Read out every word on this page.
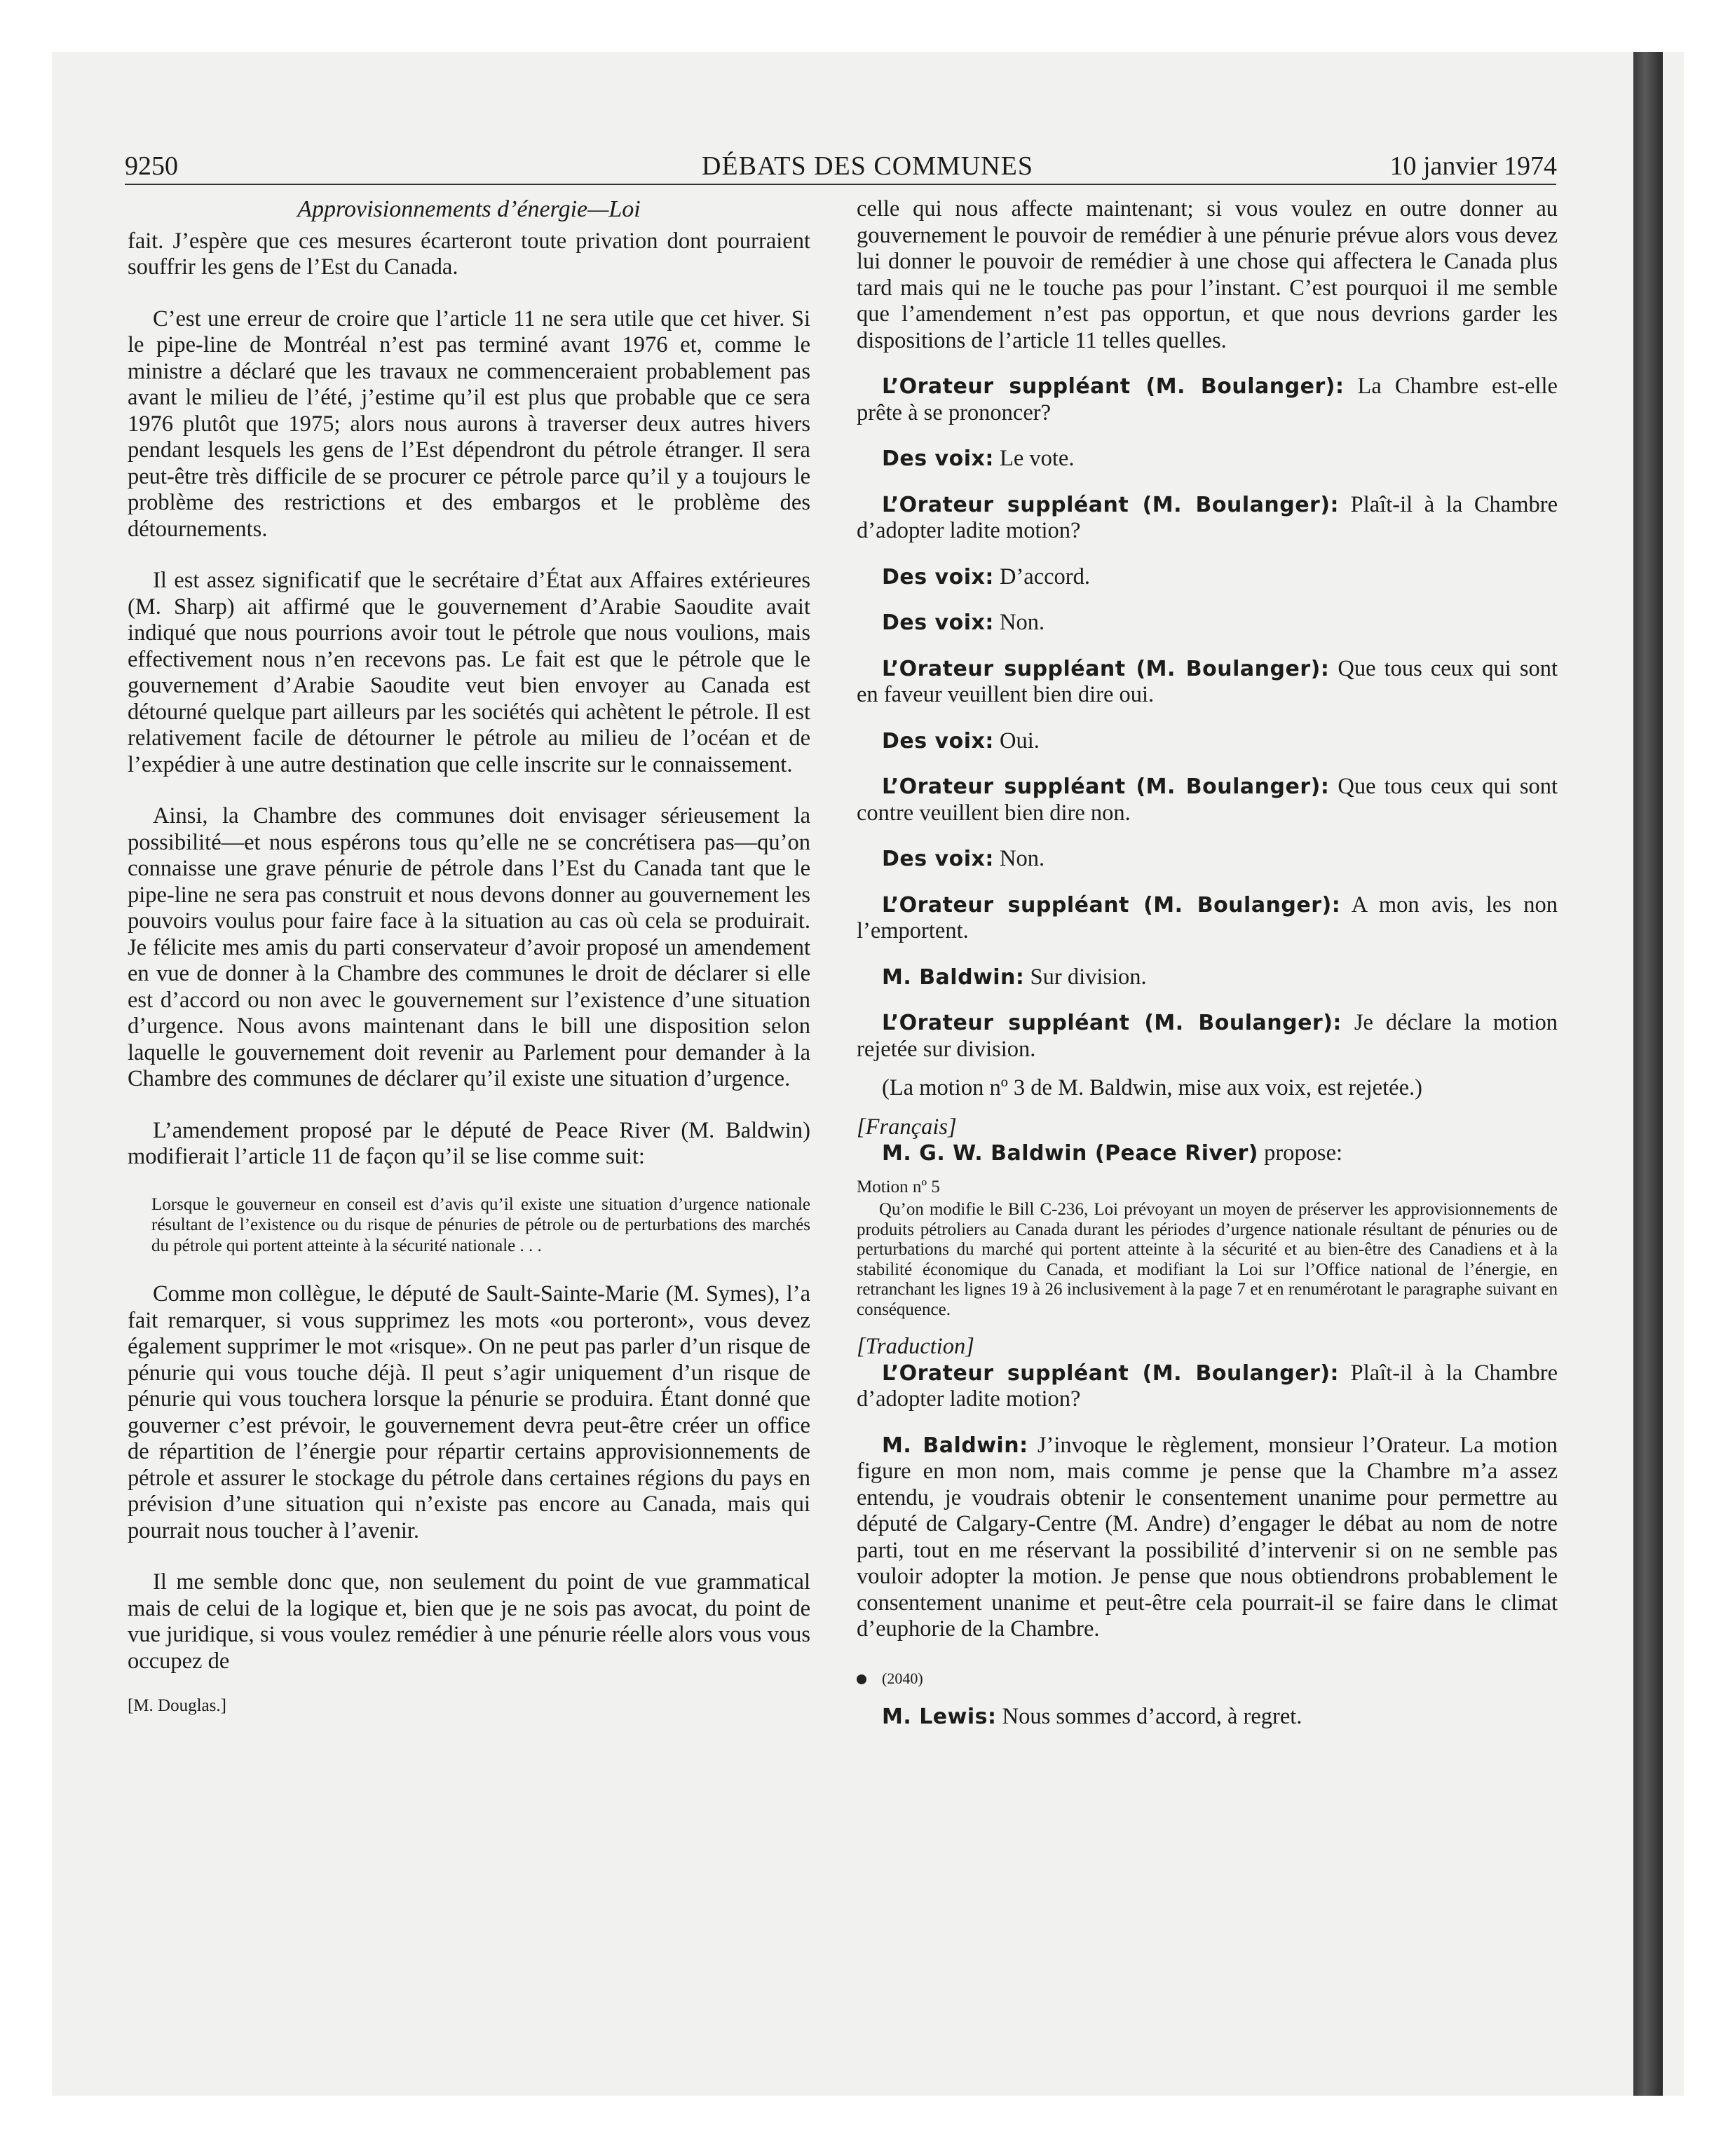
9250	DÉBATS DES COMMUNES	10 janvier 1974

Approvisionnements d’énergie—Loi

fait. J’espère que ces mesures écarteront toute privation dont pourraient souffrir les gens de l’Est du Canada.

C’est une erreur de croire que l’article 11 ne sera utile que cet hiver. Si le pipe-line de Montréal n’est pas terminé avant 1976 et, comme le ministre a déclaré que les travaux ne commenceraient probablement pas avant le milieu de l’été, j’estime qu’il est plus que probable que ce sera 1976 plutôt que 1975; alors nous aurons à traverser deux autres hivers pendant lesquels les gens de l’Est dépendront du pétrole étranger. Il sera peut-être très difficile de se procurer ce pétrole parce qu’il y a toujours le problème des restrictions et des embargos et le problème des détournements.

Il est assez significatif que le secrétaire d’État aux Affaires extérieures (M. Sharp) ait affirmé que le gouvernement d’Arabie Saoudite avait indiqué que nous pourrions avoir tout le pétrole que nous voulions, mais effectivement nous n’en recevons pas. Le fait est que le pétrole que le gouvernement d’Arabie Saoudite veut bien envoyer au Canada est détourné quelque part ailleurs par les sociétés qui achètent le pétrole. Il est relativement facile de détourner le pétrole au milieu de l’océan et de l’expédier à une autre destination que celle inscrite sur le connaissement.

Ainsi, la Chambre des communes doit envisager sérieusement la possibilité—et nous espérons tous qu’elle ne se concrétisera pas—qu’on connaisse une grave pénurie de pétrole dans l’Est du Canada tant que le pipe-line ne sera pas construit et nous devons donner au gouvernement les pouvoirs voulus pour faire face à la situation au cas où cela se produirait. Je félicite mes amis du parti conservateur d’avoir proposé un amendement en vue de donner à la Chambre des communes le droit de déclarer si elle est d’accord ou non avec le gouvernement sur l’existence d’une situation d’urgence. Nous avons maintenant dans le bill une disposition selon laquelle le gouvernement doit revenir au Parlement pour demander à la Chambre des communes de déclarer qu’il existe une situation d’urgence.

L’amendement proposé par le député de Peace River (M. Baldwin) modifierait l’article 11 de façon qu’il se lise comme suit:

Lorsque le gouverneur en conseil est d’avis qu’il existe une situation d’urgence nationale résultant de l’existence ou du risque de pénuries de pétrole ou de perturbations des marchés du pétrole qui portent atteinte à la sécurité nationale . . .

Comme mon collègue, le député de Sault-Sainte-Marie (M. Symes), l’a fait remarquer, si vous supprimez les mots «ou porteront», vous devez également supprimer le mot «risque». On ne peut pas parler d’un risque de pénurie qui vous touche déjà. Il peut s’agir uniquement d’un risque de pénurie qui vous touchera lorsque la pénurie se produira. Étant donné que gouverner c’est prévoir, le gouvernement devra peut-être créer un office de répartition de l’énergie pour répartir certains approvisionnements de pétrole et assurer le stockage du pétrole dans certaines régions du pays en prévision d’une situation qui n’existe pas encore au Canada, mais qui pourrait nous toucher à l’avenir.

Il me semble donc que, non seulement du point de vue grammatical mais de celui de la logique et, bien que je ne sois pas avocat, du point de vue juridique, si vous voulez remédier à une pénurie réelle alors vous vous occupez de

[M. Douglas.]

celle qui nous affecte maintenant; si vous voulez en outre donner au gouvernement le pouvoir de remédier à une pénurie prévue alors vous devez lui donner le pouvoir de remédier à une chose qui affectera le Canada plus tard mais qui ne le touche pas pour l’instant. C’est pourquoi il me semble que l’amendement n’est pas opportun, et que nous devrions garder les dispositions de l’article 11 telles quelles.

L’Orateur suppléant (M. Boulanger): La Chambre est-elle prête à se prononcer?

Des voix: Le vote.

L’Orateur suppléant (M. Boulanger): Plaît-il à la Chambre d’adopter ladite motion?

Des voix: D’accord.

Des voix: Non.

L’Orateur suppléant (M. Boulanger): Que tous ceux qui sont en faveur veuillent bien dire oui.

Des voix: Oui.

L’Orateur suppléant (M. Boulanger): Que tous ceux qui sont contre veuillent bien dire non.

Des voix: Non.

L’Orateur suppléant (M. Boulanger): A mon avis, les non l’emportent.

M. Baldwin: Sur division.

L’Orateur suppléant (M. Boulanger): Je déclare la motion rejetée sur division.

(La motion nº 3 de M. Baldwin, mise aux voix, est rejetée.)

[Français]

M. G. W. Baldwin (Peace River) propose:

Motion nº 5

Qu’on modifie le Bill C-236, Loi prévoyant un moyen de préserver les approvisionnements de produits pétroliers au Canada durant les périodes d’urgence nationale résultant de pénuries ou de perturbations du marché qui portent atteinte à la sécurité et au bien-être des Canadiens et à la stabilité économique du Canada, et modifiant la Loi sur l’Office national de l’énergie, en retranchant les lignes 19 à 26 inclusivement à la page 7 et en renumérotant le paragraphe suivant en conséquence.

[Traduction]

L’Orateur suppléant (M. Boulanger): Plaît-il à la Chambre d’adopter ladite motion?

M. Baldwin: J’invoque le règlement, monsieur l’Orateur. La motion figure en mon nom, mais comme je pense que la Chambre m’a assez entendu, je voudrais obtenir le consentement unanime pour permettre au député de Calgary-Centre (M. Andre) d’engager le débat au nom de notre parti, tout en me réservant la possibilité d’intervenir si on ne semble pas vouloir adopter la motion. Je pense que nous obtiendrons probablement le consentement unanime et peut-être cela pourrait-il se faire dans le climat d’euphorie de la Chambre.

(2040)

M. Lewis: Nous sommes d’accord, à regret.
